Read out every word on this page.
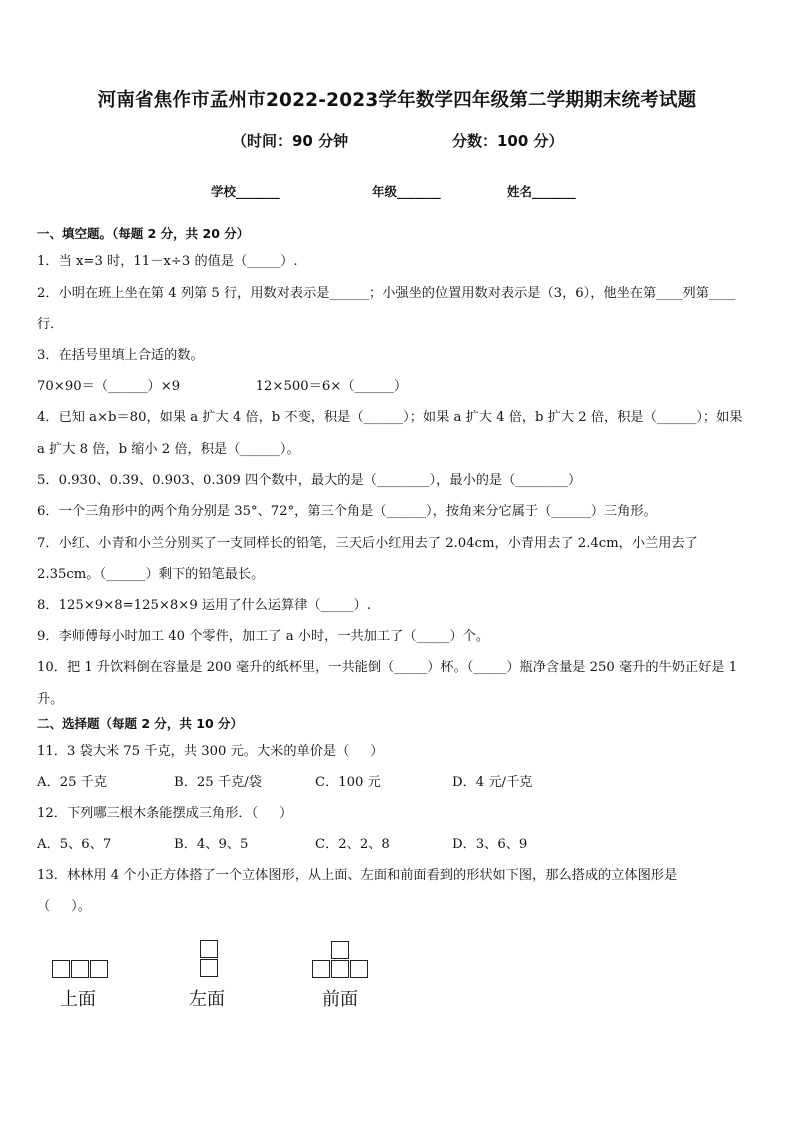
河南省焦作市孟州市2022-2023学年数学四年级第二学期期末统考试题
（时间：90 分钟	分数：100 分）
学校_______	年级_______	姓名_______
一、填空题。（每题 2 分，共 20 分）
1．当 x=3 时，11－x÷3 的值是（_____）.
2．小明在班上坐在第 4 列第 5 行，用数对表示是______；小强坐的位置用数对表示是（3，6），他坐在第____列第____
行．
3．在括号里填上合适的数。
70×90＝（______）×9                  12×500＝6×（______）
4．已知 a×b＝80，如果 a 扩大 4 倍，b 不变，积是（______）；如果 a 扩大 4 倍，b 扩大 2 倍，积是（______）；如果
a 扩大 8 倍，b 缩小 2 倍，积是（______）。
5．0.930、0.39、0.903、0.309 四个数中，最大的是（________），最小的是（________）
6．一个三角形中的两个角分别是 35°、72°，第三个角是（______），按角来分它属于（______）三角形。
7．小红、小青和小兰分别买了一支同样长的铅笔，三天后小红用去了 2.04cm，小青用去了 2.4cm，小兰用去了
2.35cm。（______）剩下的铅笔最长。
8．125×9×8=125×8×9 运用了什么运算律（_____）.
9．李师傅每小时加工 40 个零件，加工了 a 小时，一共加工了（_____）个。
10．把 1 升饮料倒在容量是 200 毫升的纸杯里，一共能倒（_____）杯。（_____）瓶净含量是 250 毫升的牛奶正好是 1
升。
二、选择题（每题 2 分，共 10 分）
11．3 袋大米 75 千克，共 300 元。大米的单价是（     ）
A．25 千克	B．25 千克/袋	C．100 元	D．4 元/千克
12．下列哪三根木条能摆成三角形．（     ）
A．5、6、7	B．4、9、5	C．2、2、8	D．3、6、9
13．林林用 4 个小正方体搭了一个立体图形，从上面、左面和前面看到的形状如下图，那么搭成的立体图形是
（     ）。
上面	左面	前面
